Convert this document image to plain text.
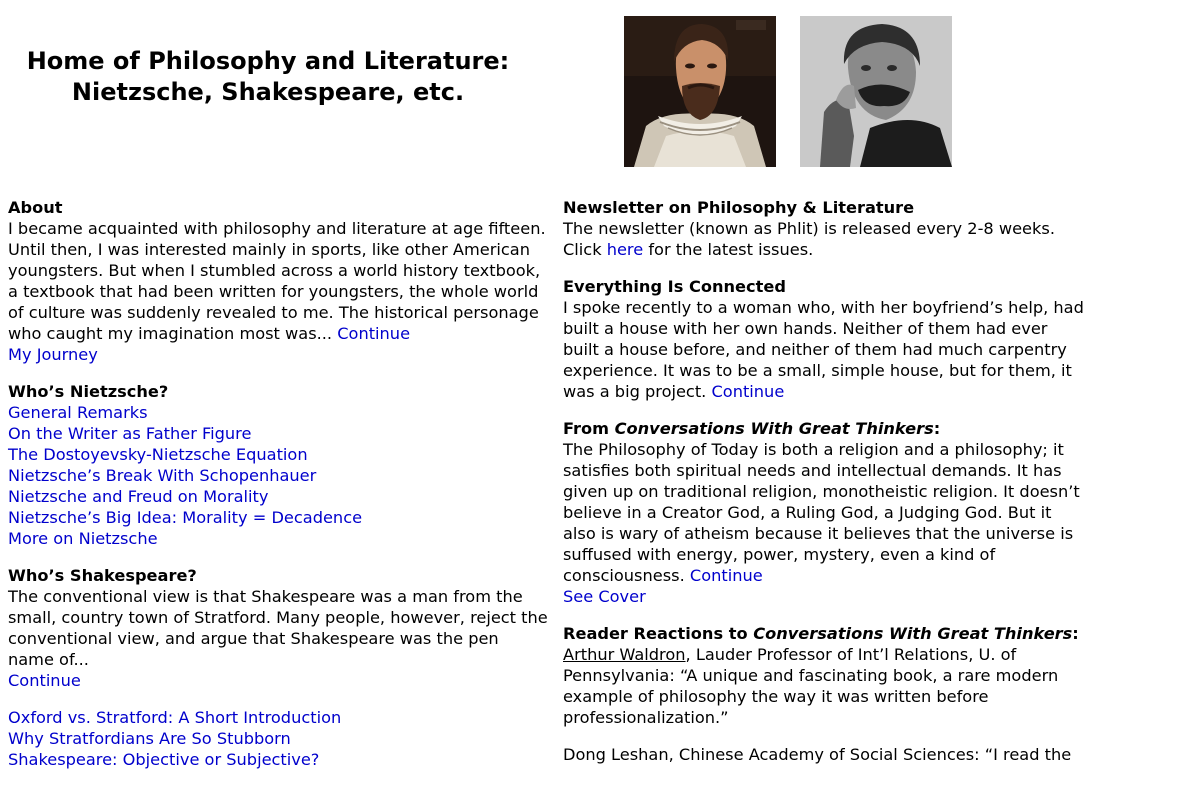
Home of Philosophy and Literature:
Nietzsche, Shakespeare, etc.
About

I became acquainted with philosophy and literature at age fifteen. Until then, I was interested mainly in sports, like other American youngsters. But when I stumbled across a world history textbook, a textbook that had been written for youngsters, the whole world of culture was suddenly revealed to me. The historical personage who caught my imagination most was... Continue

My Journey
Who’s Nietzsche?
General Remarks
On the Writer as Father Figure
The Dostoyevsky-Nietzsche Equation
Nietzsche’s Break With Schopenhauer
Nietzsche and Freud on Morality
Nietzsche’s Big Idea: Morality = Decadence
More on Nietzsche
Who’s Shakespeare?

The conventional view is that Shakespeare was a man from the small, country town of Stratford. Many people, however, reject the conventional view, and argue that Shakespeare was the pen name of...

Continue
Oxford vs. Stratford: A Short Introduction
Why Stratfordians Are So Stubborn
Shakespeare: Objective or Subjective?
Newsletter on Philosophy & Literature

The newsletter (known as Phlit) is released every 2-8 weeks. Click here for the latest issues.

Everything Is Connected

I spoke recently to a woman who, with her boyfriend’s help, had built a house with her own hands. Neither of them had ever built a house before, and neither of them had much carpentry experience. It was to be a small, simple house, but for them, it was a big project. Continue

From Conversations With Great Thinkers:

The Philosophy of Today is both a religion and a philosophy; it satisfies both spiritual needs and intellectual demands. It has given up on traditional religion, monotheistic religion. It doesn’t believe in a Creator God, a Ruling God, a Judging God. But it also is wary of atheism because it believes that the universe is suffused with energy, power, mystery, even a kind of consciousness. Continue

See Cover
Reader Reactions to Conversations With Great Thinkers:

Arthur Waldron, Lauder Professor of Int’l Relations, U. of Pennsylvania: “A unique and fascinating book, a rare modern example of philosophy the way it was written before professionalization.”

Dong Leshan, Chinese Academy of Social Sciences: “I read the
